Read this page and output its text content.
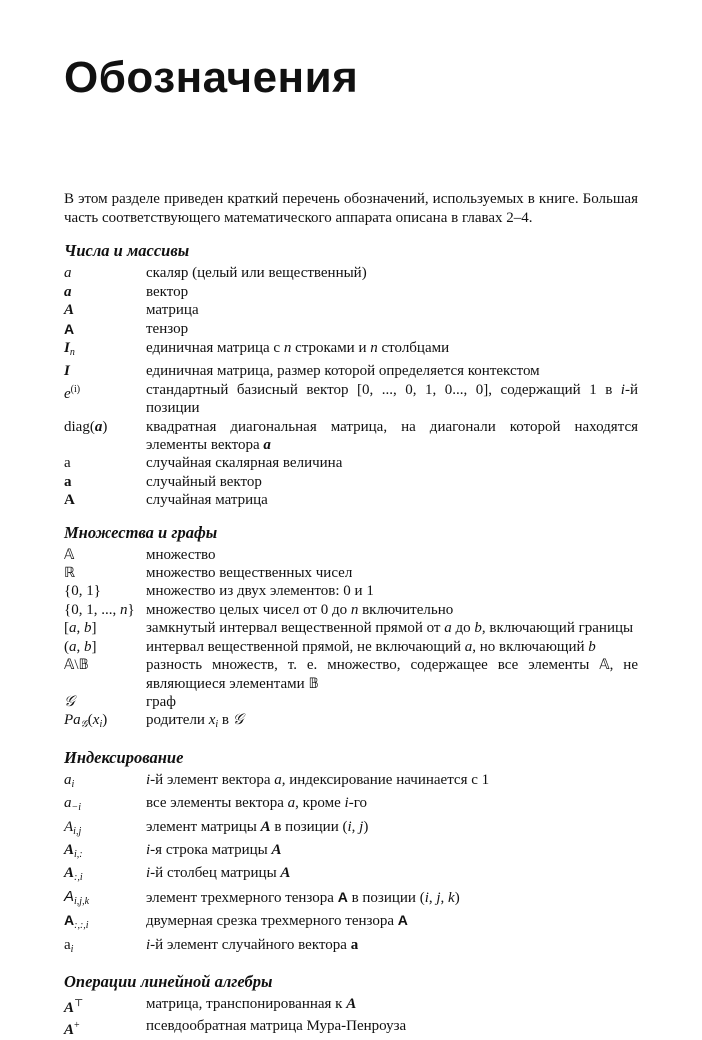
Обозначения

В этом разделе приведен краткий перечень обозначений, используемых в книге. Большая часть соответствующего математического аппарата описана в главах 2–4.

Числа и массивы
a	скаляр (целый или вещественный)
a	вектор
A	матрица
A	тензор
$I_n$	единичная матрица с n строками и n столбцами
I	единичная матрица, размер которой определяется контекстом
$e^{(i)}$	стандартный базисный вектор [0, ..., 0, 1, 0..., 0], содержащий 1 в i-й позиции
diag(a)	квадратная диагональная матрица, на диагонали которой находятся элементы вектора a
a	случайная скалярная величина
a	случайный вектор
A	случайная матрица
Множества и графы
𝔸	множество
ℝ	множество вещественных чисел
{0, 1}	множество из двух элементов: 0 и 1
{0, 1, ..., n} множество целых чисел от 0 до n включительно
[a, b]	замкнутый интервал вещественной прямой от a до b, включающий границы
(a, b]	интервал вещественной прямой, не включающий a, но включающий b
𝔸\𝔹	разность множеств, т. е. множество, содержащее все элементы 𝔸, не являющиеся элементами 𝔹
𝒢	граф
$Pa_𝒢(x_i)$	родители $x_i$ в 𝒢
Индексирование
$a_i$	i-й элемент вектора a, индексирование начинается с 1
$a_{-i}$	все элементы вектора a, кроме i-го
$A_{i,j}$	элемент матрицы A в позиции (i, j)
$A_{i,:}$	i-я строка матрицы A
$A_{:,i}$	i-й столбец матрицы A
$A_{i,j,k}$	элемент трехмерного тензора A в позиции (i, j, k)
$A_{:,:,i}$	двумерная срезка трехмерного тензора A
$a_i$	i-й элемент случайного вектора a
Операции линейной алгебры
A⊤	матрица, транспонированная к A
A+	псевдообратная матрица Мура-Пенроуза
